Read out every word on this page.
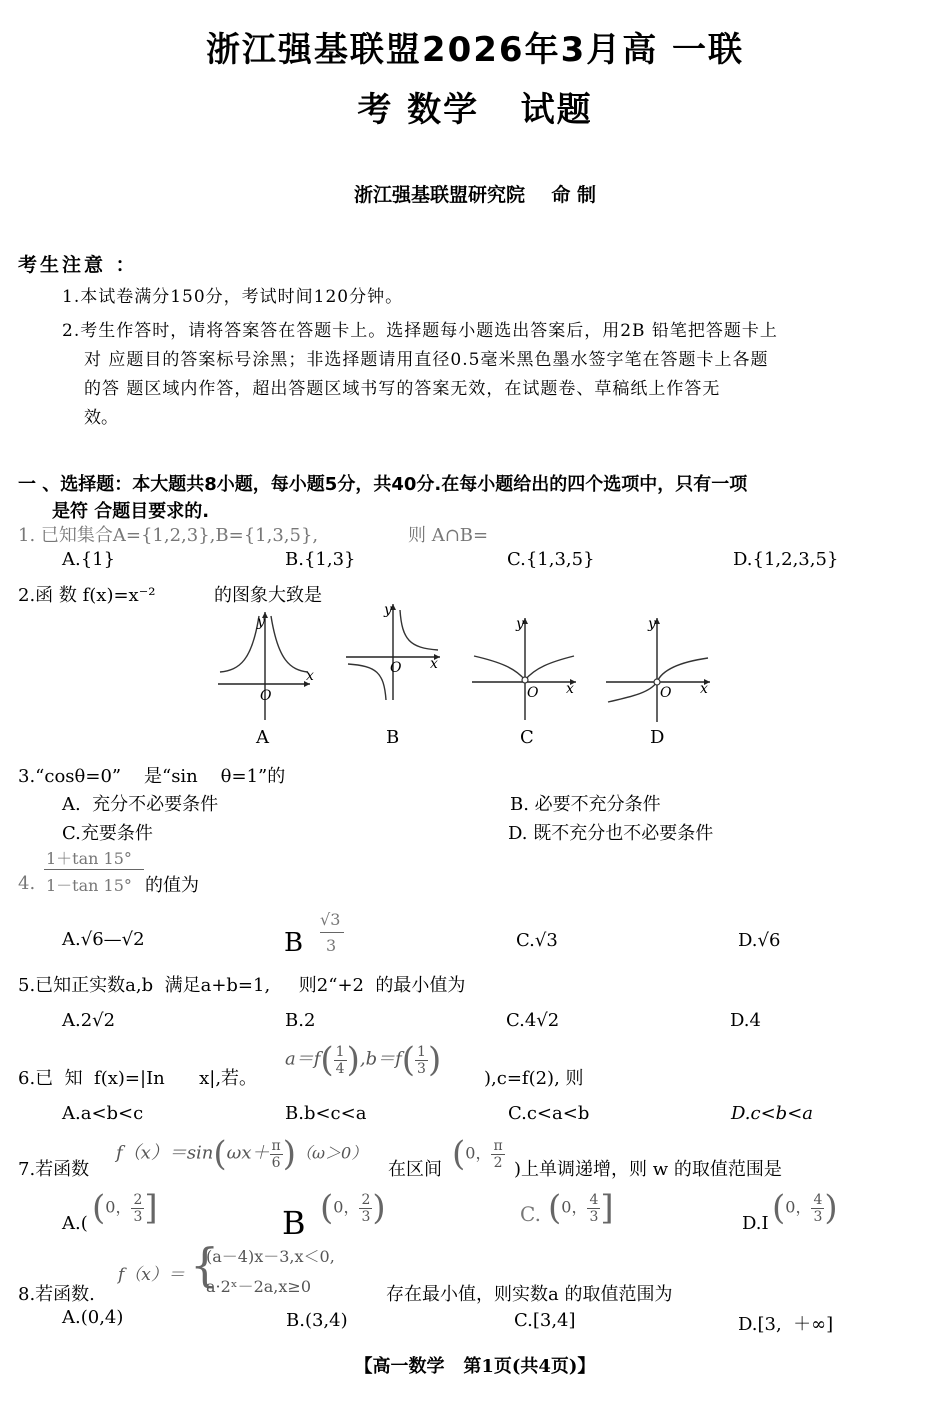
浙江强基联盟2026年3月高 一联
考 数学   试题
浙江强基联盟研究院    命 制
考生注意 ：
1.本试卷满分150分，考试时间120分钟。
2.考生作答时，请将答案答在答题卡上。选择题每小题选出答案后，用2B 铅笔把答题卡上
对 应题目的答案标号涂黑；非选择题请用直径0.5毫米黑色墨水签字笔在答题卡上各题
的答 题区域内作答，超出答题区域书写的答案无效，在试题卷、草稿纸上作答无
效。
一 、选择题：本大题共8小题，每小题5分，共40分.在每小题给出的四个选项中，只有一项
是符 合题目要求的.
1. 已知集合A={1,2,3},B={1,3,5},	则 A∩B=
A.{1}	B.{1,3}	C.{1,3,5}	D.{1,2,3,5}
2.函 数 f(x)=x⁻²	的图象大致是
y
x
O
A
y
x
O
B
y
x
O
C
y
x
O
D
3.“cosθ=0”    是“sin    θ=1”的
A.  充分不必要条件	B. 必要不充分条件
C.充要条件	D. 既不充分也不必要条件
4.
1＋tan 15°
1－tan 15° 的值为
A.√6—√2	B
√3
3	C.√3	D.√6
5.已知正实数a,b  满足a+b=1,     则2“+2  的最小值为
A.2√2	B.2	C.4√2	D.4
6.已  知  f(x)=|In      x|,若。
$a=f( \frac{1}{4} ),b=f( \frac{1}{3}$ ) ),c=f(2), 则
A.a<b<c	B.b<c<a	C.c<a<b	D.c<b<a
7.若函数
$f(x)=\sin(\omega x+ \frac{\pi}{6} )(\omega>0)$
在区间 (0， $\frac{\pi}{2}$ )上单调递增，则 w 的取值范围是
A.( (0， $\frac{2}{3}$ ]	B (0， $\frac{2}{3}$ )	C. (0， $\frac{4}{3}$ ]	D.I (0， $\frac{4}{3}$ )
8.若函数.
f（x）＝ {
(a－4)x－3,x＜0,
a·2ˣ－2a,x≥0	存在最小值，则实数a 的取值范围为
A.(0,4)	B.(3,4)	C.[3,4]	D.[3,  ＋∞]
【高一数学   第1页(共4页)】
